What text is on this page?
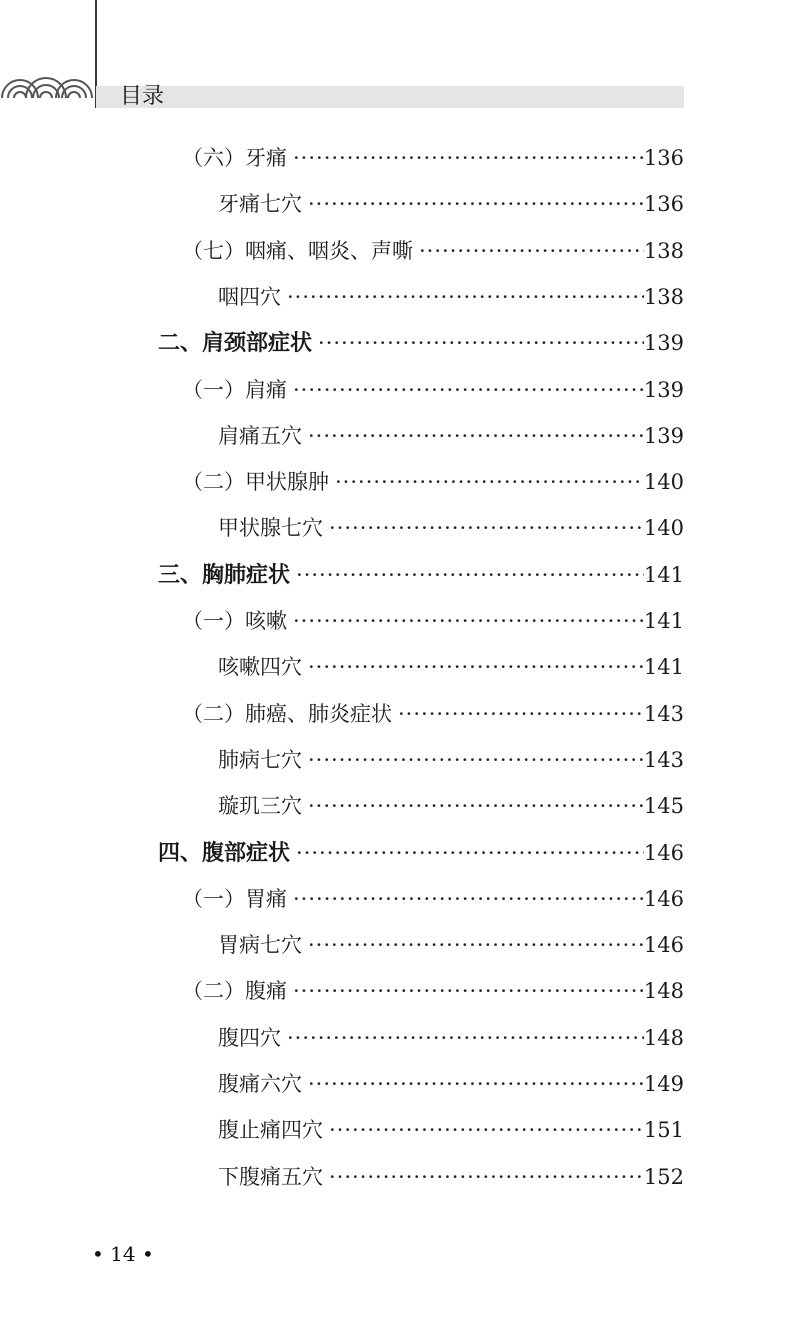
目录
（六）牙痛 ·····	136
牙痛七穴 ·····	136
（七）咽痛、咽炎、声嘶 ·····	138
咽四穴 ·····	138
二、肩颈部症状 ·····	139
（一）肩痛 ·····	139
肩痛五穴 ·····	139
（二）甲状腺肿 ·····	140
甲状腺七穴 ·····	140
三、胸肺症状 ·····	141
（一）咳嗽 ·····	141
咳嗽四穴 ·····	141
（二）肺癌、肺炎症状 ·····	143
肺病七穴 ·····	143
璇玑三穴 ·····	145
四、腹部症状 ·····	146
（一）胃痛 ·····	146
胃病七穴 ·····	146
（二）腹痛 ·····	148
腹四穴 ·····	148
腹痛六穴 ·····	149
腹止痛四穴 ·····	151
下腹痛五穴 ·····	152
• 14 •
